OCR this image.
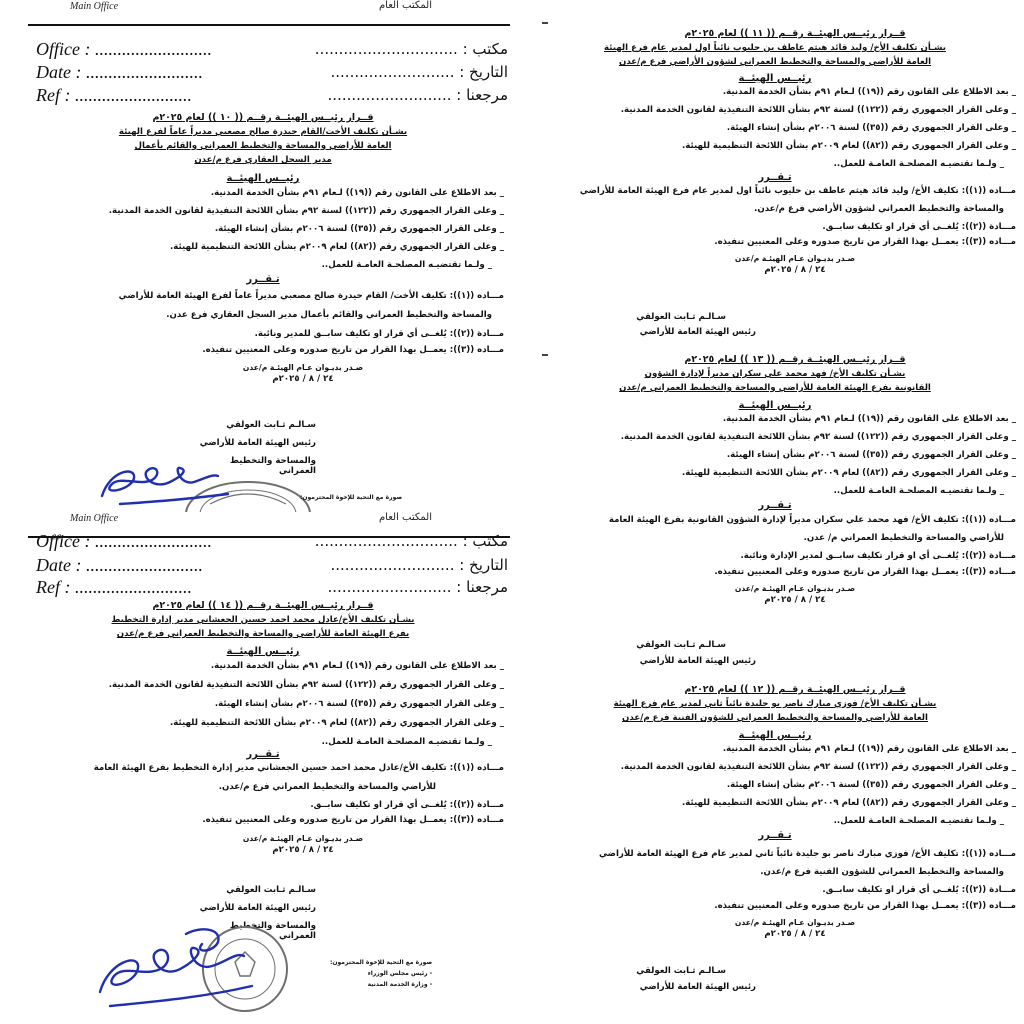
Main Office	المكتب العام
Office : ..........................	مكتب : ..............................
Date : ..........................	التاريخ : ..........................
Ref : ..........................	مرجعنا : ..........................
قــرار رئيــس الهيئــة رقــم (( ١٠ )) لعام ٢٠٢٥م
بشـأن تكليف الأخت/القام حيدرة صالح مصعبي مديراً عاماً لفرع الهيئة
العامة للأراضي والمساحة والتخطيط العمراني والقائم بأعمال
مدير السجل العقاري فرع م/عدن
رئيــس الهيئــة
_ بعد الاطلاع على القانون رقم ((١٩)) لـعام ٩١م بشأن الخدمة المدنية.
_ وعلى القرار الجمهوري رقم ((١٢٢)) لسنة ٩٢م بشأن اللائحة التنفيذية لقانون الخدمة المدنية.
_ وعلى القرار الجمهوري رقم ((٣٥)) لسنة ٢٠٠٦م بشأن إنشاء الهيئة.
_ وعلى القرار الجمهوري رقم ((٨٢)) لعام ٢٠٠٩م بشأن اللائحة التنظيمية للهيئة.
_ ولـما تقتضيـه المصلحـة العامـة للعمل..
تـقــرر
مـــاده ((١)): تكليف الأخت/ القام حيدرة صالح مصعبي مديراً عاماً لفرع الهيئة العامة للأراضي
والمساحة والتخطيط العمراني والقائم بأعمال مدير السجل العقاري فرع عدن.
مـــادة ((٢)): يُلغــى أي قرار او تكليف سابــق للمدير ونائبة.
مـــاده ((٣)): يعمــل بهذا القرار من تاريخ صدوره وعلى المعنيين تنفيذه.
صـدر بديـوان عـام الهيئـة م/عدن
٢٤ / ٨ / ٢٠٢٥م
سـالـم ثـابت العولقي
رئيس الهيئة العامة للأراضي
والمساحة والتخطيط العمراني
صورة مع التحية للإخوة المحترمون:
Main Office	المكتب العام
Office : ..........................	مكتب : ..............................
Date : ..........................	التاريخ : ..........................
Ref : ..........................	مرجعنا : ..........................
قــرار رئيــس الهيئــة رقــم (( ١٤ )) لعام ٢٠٢٥م
بشـأن تكليف الأخ/عادل محمد احمد حسين الجعشاني مدير إدارة التخطيط
بفرع الهيئة العامة للأراضي والمساحة والتخطيط العمراني فرع م/عدن
رئيــس الهيئــة
_ بعد الاطلاع على القانون رقم ((١٩)) لـعام ٩١م بشأن الخدمة المدنية.
_ وعلى القرار الجمهوري رقم ((١٢٢)) لسنة ٩٢م بشأن اللائحة التنفيذية لقانون الخدمة المدنية.
_ وعلى القرار الجمهوري رقم ((٣٥)) لسنة ٢٠٠٦م بشأن إنشاء الهيئة.
_ وعلى القرار الجمهوري رقم ((٨٢)) لعام ٢٠٠٩م بشأن اللائحة التنظيمية للهيئة.
_ ولـما تقتضيـه المصلحـة العامـة للعمل..
تـقــرر
مـــاده ((١)): تكليف الأخ/عادل محمد احمد حسين الجعشاني مدير إدارة التخطيط بفرع الهيئة العامة
للأراضي والمساحة والتخطيط العمراني فرع م/عدن.
مـــادة ((٢)): يُلغــى أي قرار او تكليف سابــق.
مـــاده ((٣)): يعمــل بهذا القرار من تاريخ صدوره وعلى المعنيين تنفيذه.
صـدر بديـوان عـام الهيئـة م/عدن
٢٤ / ٨ / ٢٠٢٥م
سـالـم ثـابت العولقي
رئيس الهيئة العامة للأراضي
والمساحة والتخطيط العمراني
صورة مع التحية للإخوة المحترمون:
- رئيس مجلس الوزراء
- وزارة الخدمة المدنية
قــرار رئيــس الهيئــة رقــم (( ١١ )) لعام ٢٠٢٥م
بشـأن تكليف الأخ/ وليد قائد هيثم عاطف بن حليوب نائباً اول لمدير عام فرع الهيئة
العامة للأراضي والمساحة والتخطيط العمراني لشؤون الأراضي فرع م/عدن
رئيــس الهيئــة
_ بعد الاطلاع على القانون رقم ((١٩)) لـعام ٩١م بشأن الخدمة المدنية.
_ وعلى القرار الجمهوري رقم ((١٢٢)) لسنة ٩٢م بشأن اللائحة التنفيذية لقانون الخدمة المدنية.
_ وعلى القرار الجمهوري رقم ((٣٥)) لسنة ٢٠٠٦م بشأن إنشاء الهيئة.
_ وعلى القرار الجمهوري رقم ((٨٢)) لعام ٢٠٠٩م بشأن اللائحة التنظيمية للهيئة.
_ ولـما تقتضيـه المصلحـة العامـة للعمل..
تـقــرر
مـــاده ((١)): تكليف الأخ/ وليد قائد هيثم عاطف بن حليوب نائباً اول لمدير عام فرع الهيئة العامة للأراضي
والمساحة والتخطيط العمراني لشؤون الأراضي فرع م/عدن.
مـــادة ((٢)): يُلغــى أي قرار او تكليف سابــق.
مـــاده ((٣)): يعمــل بهذا القرار من تاريخ صدوره وعلى المعنيين تنفيذه.
صـدر بديـوان عـام الهيئـة م/عدن
٢٤ / ٨ / ٢٠٢٥م
سـالـم ثـابت العولقي
رئيس الهيئة العامة للأراضي
قــرار رئيــس الهيئــة رقــم (( ١٣ )) لعام ٢٠٢٥م
بشـأن تكليف الأخ/ فهد محمد علي سكران مديراً لإدارة الشؤون
القانونية بفرع الهيئة العامة للأراضي والمساحة والتخطيط العمراني م/عدن
رئيــس الهيئــة
_ بعد الاطلاع على القانون رقم ((١٩)) لـعام ٩١م بشأن الخدمة المدنية.
_ وعلى القرار الجمهوري رقم ((١٢٢)) لسنة ٩٢م بشأن اللائحة التنفيذية لقانون الخدمة المدنية.
_ وعلى القرار الجمهوري رقم ((٣٥)) لسنة ٢٠٠٦م بشأن إنشاء الهيئة.
_ وعلى القرار الجمهوري رقم ((٨٢)) لعام ٢٠٠٩م بشأن اللائحة التنظيمية للهيئة.
_ ولـما تقتضيـه المصلحـة العامـة للعمل..
تـقــرر
مـــاده ((١)): تكليف الأخ/ فهد محمد علي سكران مديراً لإدارة الشؤون القانونية بفرع الهيئة العامة
للأراضي والمساحة والتخطيط العمراني م/ عدن.
مـــادة ((٢)): يُلغــى أي او قرار تكليف سابــق لمدير الإدارة ونائبة.
مـــاده ((٣)): يعمــل بهذا القرار من تاريخ صدوره وعلى المعنيين تنفيذه.
صـدر بديـوان عـام الهيئـة م/عدن
٢٤ / ٨ / ٢٠٢٥م
سـالـم ثـابت العولقي
رئيس الهيئة العامة للأراضي
قــرار رئيــس الهيئــة رقــم (( ١٢ )) لعام ٢٠٢٥م
بشـأن تكليف الأخ/ فوزي مبارك ناصر بو جليدة نائباً ثاني لمدير عام فرع الهيئة
العامة للأراضي والمساحة والتخطيط العمراني للشؤون الفنية فرع م/عدن
رئيــس الهيئــة
_ بعد الاطلاع على القانون رقم ((١٩)) لـعام ٩١م بشأن الخدمة المدنية.
_ وعلى القرار الجمهوري رقم ((١٢٢)) لسنة ٩٢م بشأن اللائحة التنفيذية لقانون الخدمة المدنية.
_ وعلى القرار الجمهوري رقم ((٣٥)) لسنة ٢٠٠٦م بشأن إنشاء الهيئة.
_ وعلى القرار الجمهوري رقم ((٨٢)) لعام ٢٠٠٩م بشأن اللائحة التنظيمية للهيئة.
_ ولـما تقتضيـه المصلحـة العامـة للعمل..
تـقــرر
مـــاده ((١)): تكليف الأخ/ فوزي مبارك ناصر بو جليدة نائباً ثاني لمدير عام فرع الهيئة العامة للأراضي
والمساحة والتخطيط العمراني للشؤون الفنية فرع م/عدن.
مـــادة ((٢)): يُلغــى أي قرار او تكليف سابــق.
مـــاده ((٣)): يعمــل بهذا القرار من تاريخ صدوره وعلى المعنيين تنفيذه.
صـدر بديـوان عـام الهيئـة م/عدن
٢٤ / ٨ / ٢٠٢٥م
سـالـم ثـابت العولقي
رئيس الهيئة العامة للأراضي
